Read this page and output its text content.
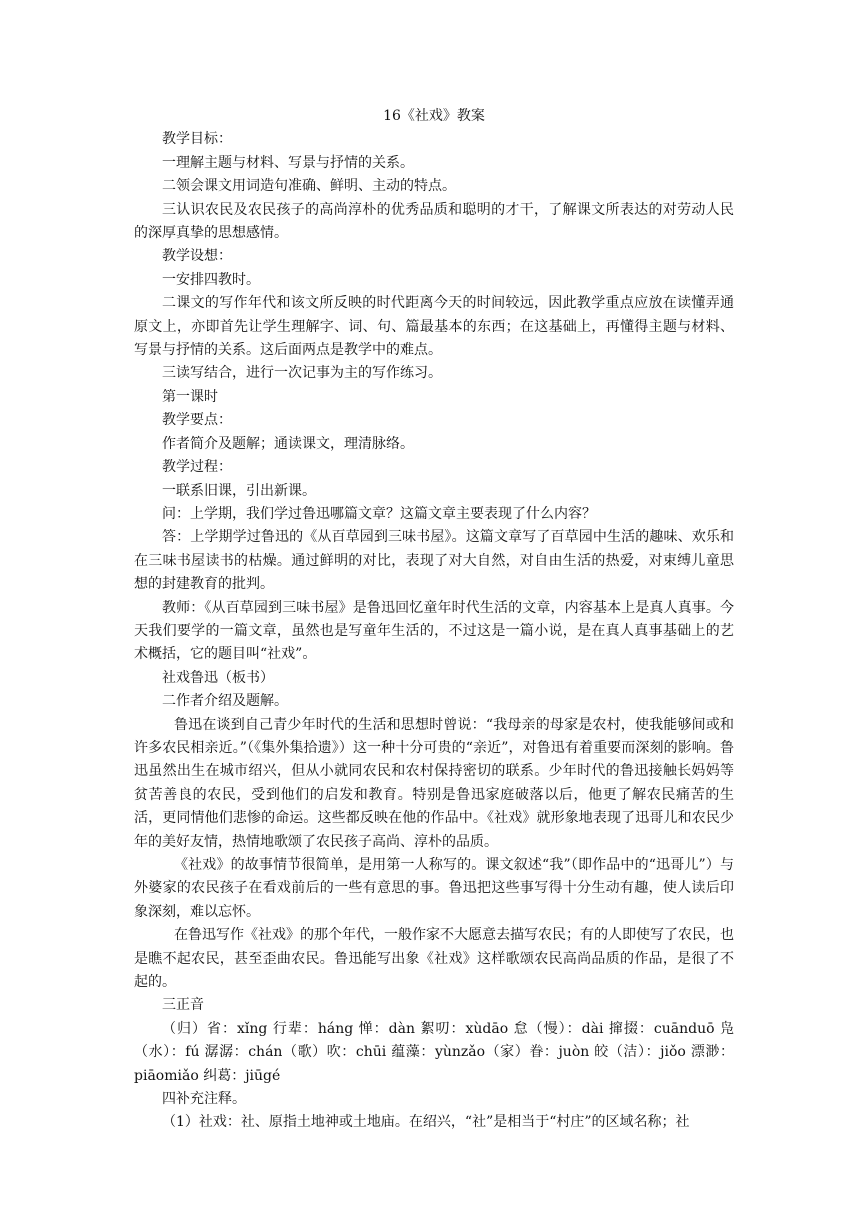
16《社戏》教案

教学目标：

一理解主题与材料、写景与抒情的关系。

二领会课文用词造句准确、鲜明、主动的特点。

三认识农民及农民孩子的高尚淳朴的优秀品质和聪明的才干，了解课文所表达的对劳动人民的深厚真挚的思想感情。

教学设想：

一安排四教时。

二课文的写作年代和该文所反映的时代距离今天的时间较远，因此教学重点应放在读懂弄通原文上，亦即首先让学生理解字、词、句、篇最基本的东西；在这基础上，再懂得主题与材料、写景与抒情的关系。这后面两点是教学中的难点。

三读写结合，进行一次记事为主的写作练习。

第一课时

教学要点：

作者简介及题解；通读课文，理清脉络。

教学过程：

一联系旧课，引出新课。

问：上学期，我们学过鲁迅哪篇文章？这篇文章主要表现了什么内容？

答：上学期学过鲁迅的《从百草园到三味书屋》。这篇文章写了百草园中生活的趣味、欢乐和在三味书屋读书的枯燥。通过鲜明的对比，表现了对大自然，对自由生活的热爱，对束缚儿童思想的封建教育的批判。

教师：《从百草园到三味书屋》是鲁迅回忆童年时代生活的文章，内容基本上是真人真事。今天我们要学的一篇文章，虽然也是写童年生活的，不过这是一篇小说，是在真人真事基础上的艺术概括，它的题目叫“社戏”。

社戏鲁迅（板书）

二作者介绍及题解。

鲁迅在谈到自己青少年时代的生活和思想时曾说：“我母亲的母家是农村，使我能够间或和许多农民相亲近。”（《集外集拾遗》）这一种十分可贵的“亲近”，对鲁迅有着重要而深刻的影响。鲁迅虽然出生在城市绍兴，但从小就同农民和农村保持密切的联系。少年时代的鲁迅接触长妈妈等贫苦善良的农民，受到他们的启发和教育。特别是鲁迅家庭破落以后，他更了解农民痛苦的生活，更同情他们悲惨的命运。这些都反映在他的作品中。《社戏》就形象地表现了迅哥儿和农民少年的美好友情，热情地歌颂了农民孩子高尚、淳朴的品质。

《社戏》的故事情节很简单，是用第一人称写的。课文叙述“我”（即作品中的“迅哥儿”）与外婆家的农民孩子在看戏前后的一些有意思的事。鲁迅把这些事写得十分生动有趣，使人读后印象深刻，难以忘怀。

在鲁迅写作《社戏》的那个年代，一般作家不大愿意去描写农民；有的人即使写了农民，也是瞧不起农民，甚至歪曲农民。鲁迅能写出象《社戏》这样歌颂农民高尚品质的作品，是很了不起的。

三正音

（归）省：xǐng 行辈：háng 惮：dàn 絮叨：xùdāo 怠（慢）：dài 撺掇：cuānduō 凫（水）：fú 潺潺：chán（歌）吹：chūi 蕴藻：yùnzǎo（家）眷：juòn 皎（洁）：jiǒo 漂渺：piāomiǎo 纠葛：jiūgé

四补充注释。

（1）社戏：社、原指土地神或土地庙。在绍兴，“社”是相当于“村庄”的区域名称；社
